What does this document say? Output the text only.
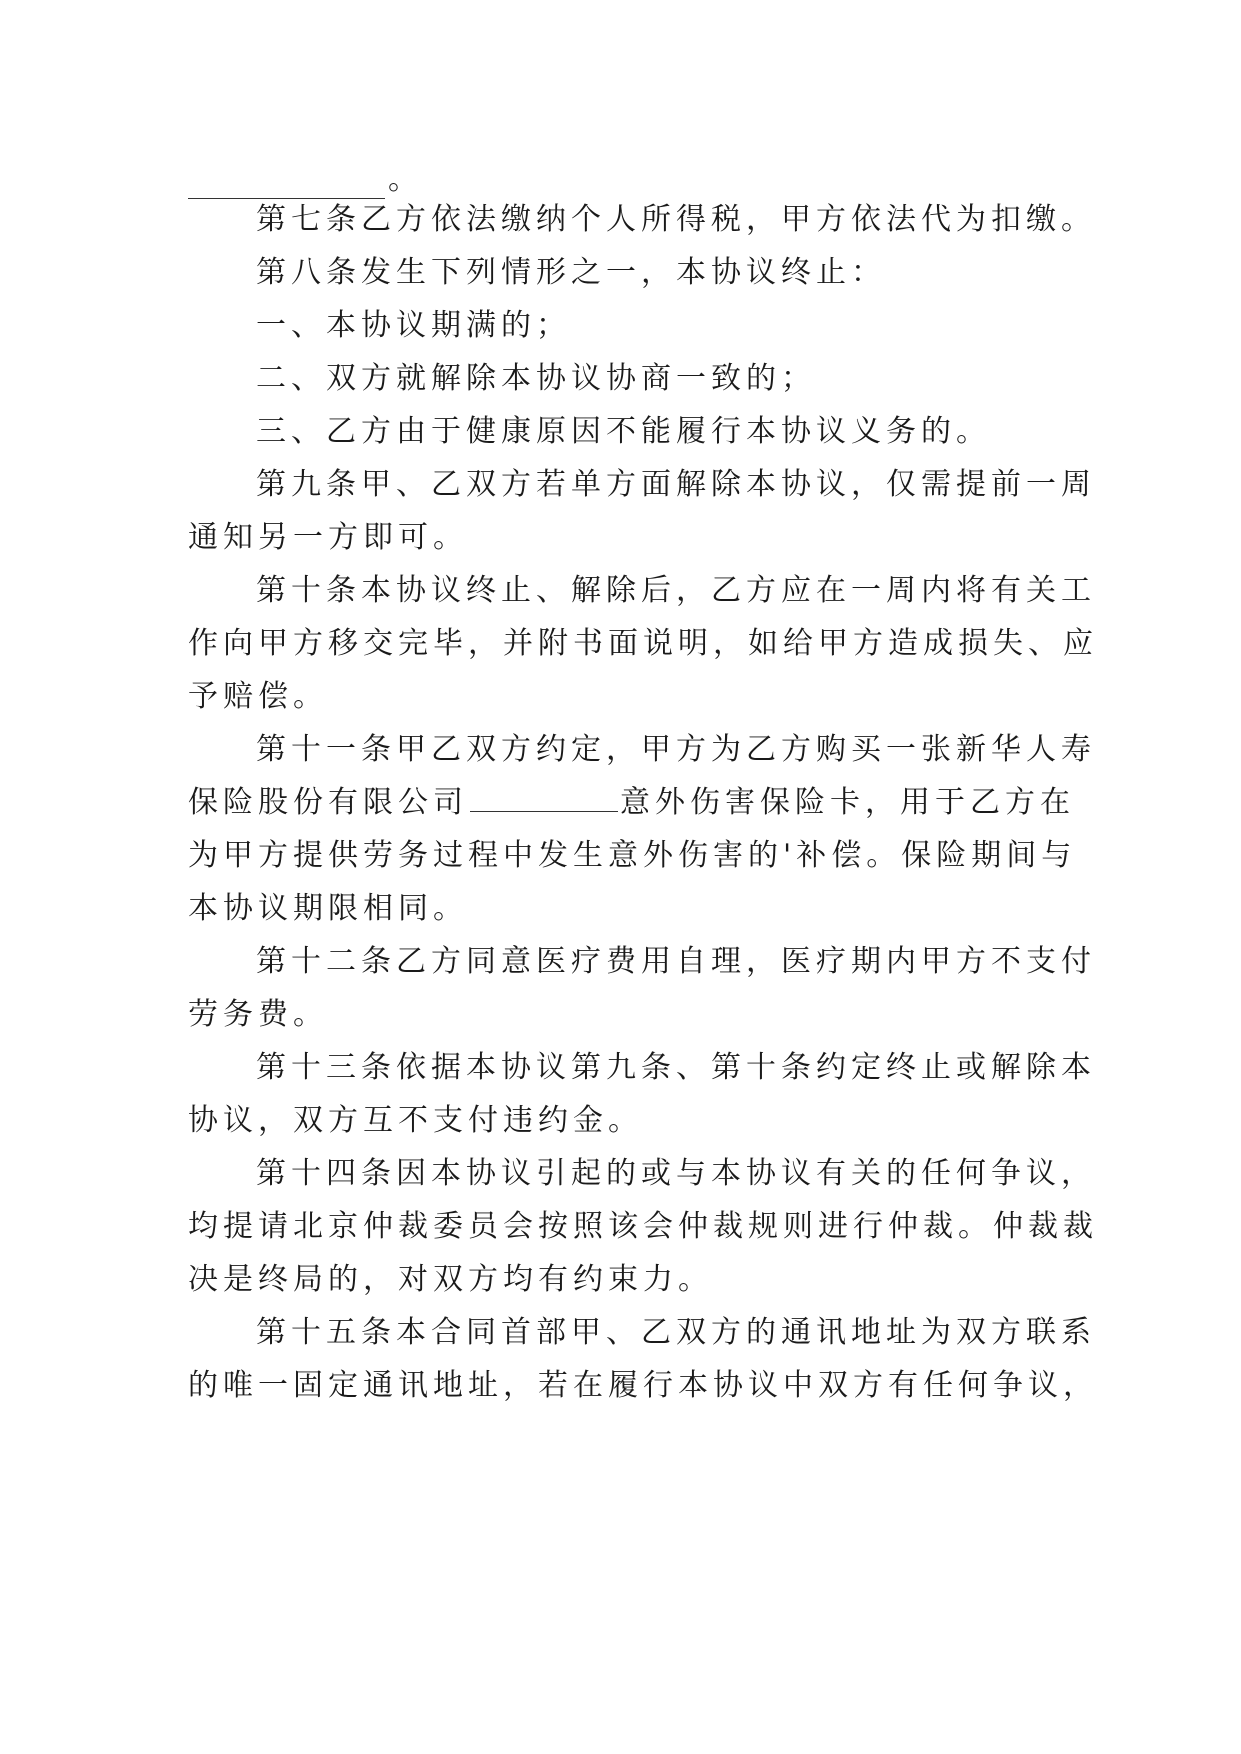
。
第七条乙方依法缴纳个人所得税，甲方依法代为扣缴。
第八条发生下列情形之一，本协议终止：
一、本协议期满的；
二、双方就解除本协议协商一致的；
三、乙方由于健康原因不能履行本协议义务的。
第九条甲、乙双方若单方面解除本协议，仅需提前一周
通知另一方即可。
第十条本协议终止、解除后，乙方应在一周内将有关工
作向甲方移交完毕，并附书面说明，如给甲方造成损失、应
予赔偿。
第十一条甲乙双方约定，甲方为乙方购买一张新华人寿
保险股份有限公司	意外伤害保险卡，用于乙方在
为甲方提供劳务过程中发生意外伤害的'补偿。保险期间与
本协议期限相同。
第十二条乙方同意医疗费用自理，医疗期内甲方不支付
劳务费。
第十三条依据本协议第九条、第十条约定终止或解除本
协议，双方互不支付违约金。
第十四条因本协议引起的或与本协议有关的任何争议，
均提请北京仲裁委员会按照该会仲裁规则进行仲裁。仲裁裁
决是终局的，对双方均有约束力。
第十五条本合同首部甲、乙双方的通讯地址为双方联系
的唯一固定通讯地址，若在履行本协议中双方有任何争议，
